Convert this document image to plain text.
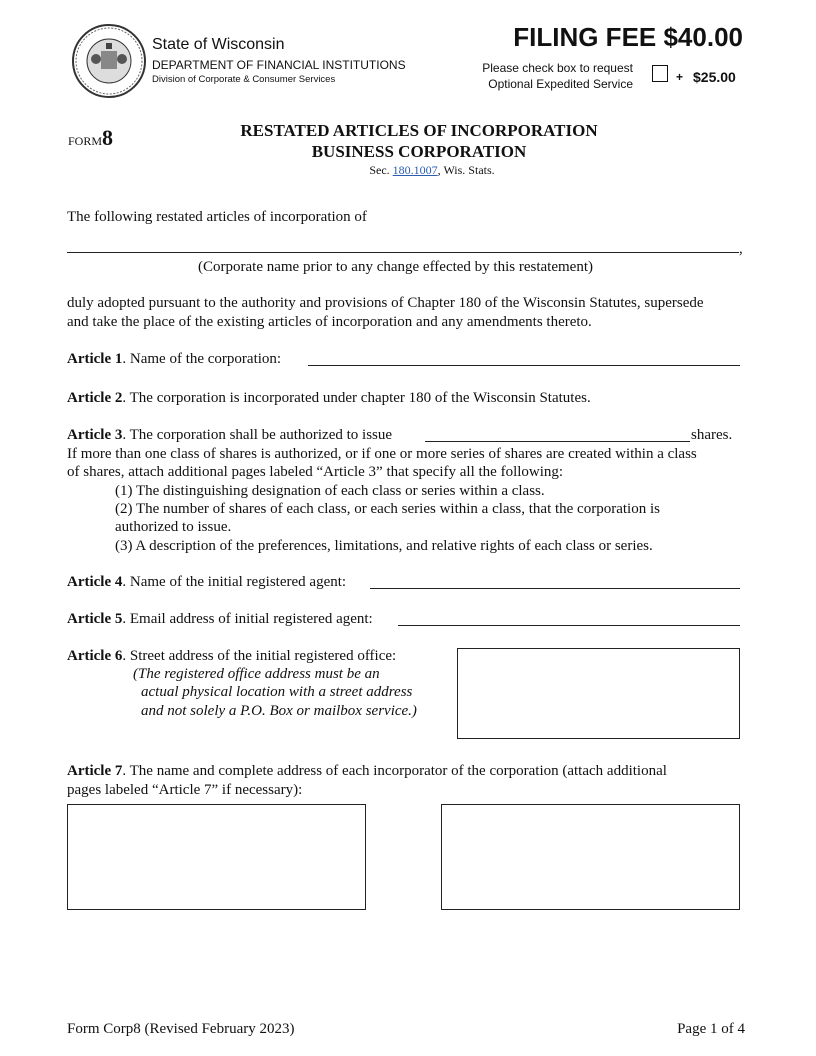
State of Wisconsin
DEPARTMENT OF FINANCIAL INSTITUTIONS
Division of Corporate & Consumer Services
FILING FEE $40.00
Please check box to request
Optional Expedited Service	+ $25.00
FORM8	RESTATED ARTICLES OF INCORPORATION
BUSINESS CORPORATION
Sec. 180.1007, Wis. Stats.
The following restated articles of incorporation of
,
(Corporate name prior to any change effected by this restatement)
duly adopted pursuant to the authority and provisions of Chapter 180 of the Wisconsin Statutes, supersede
and take the place of the existing articles of incorporation and any amendments thereto.
Article 1. Name of the corporation:
Article 2. The corporation is incorporated under chapter 180 of the Wisconsin Statutes.
Article 3. The corporation shall be authorized to issue	shares.
If more than one class of shares is authorized, or if one or more series of shares are created within a class
of shares, attach additional pages labeled “Article 3” that specify all the following:
(1) The distinguishing designation of each class or series within a class.
(2) The number of shares of each class, or each series within a class, that the corporation is
authorized to issue.
(3) A description of the preferences, limitations, and relative rights of each class or series.
Article 4. Name of the initial registered agent:
Article 5. Email address of initial registered agent:
Article 6. Street address of the initial registered office:
(The registered office address must be an
actual physical location with a street address
and not solely a P.O. Box or mailbox service.)
Article 7. The name and complete address of each incorporator of the corporation (attach additional
pages labeled “Article 7” if necessary):
Form Corp8 (Revised February 2023)	Page 1 of 4
